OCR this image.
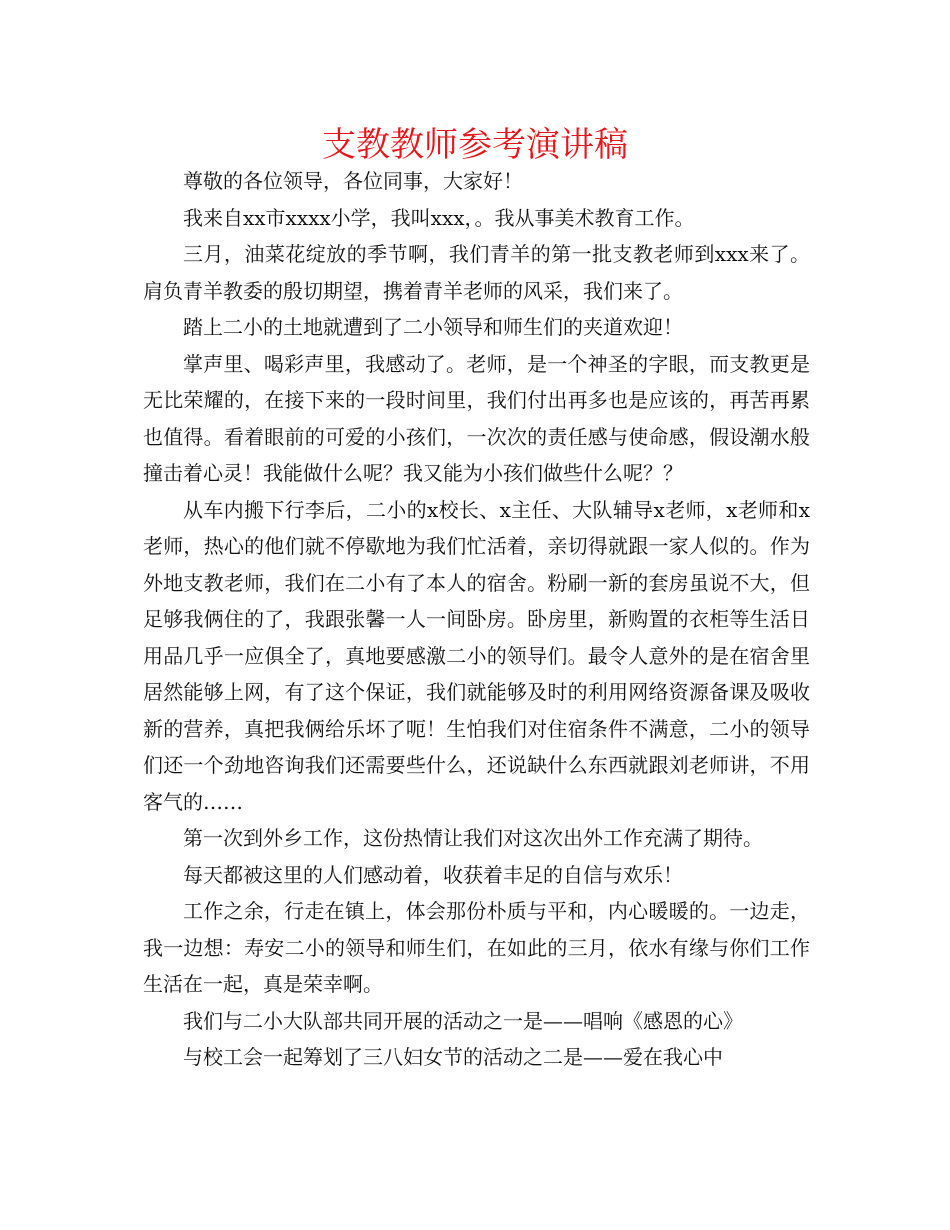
支教教师参考演讲稿

尊敬的各位领导，各位同事，大家好！

我来自xx市xxxx小学，我叫xxx，。我从事美术教育工作。

三月，油菜花绽放的季节啊，我们青羊的第一批支教老师到xxx来了。肩负青羊教委的殷切期望，携着青羊老师的风采，我们来了。

踏上二小的土地就遭到了二小领导和师生们的夹道欢迎！

掌声里、喝彩声里，我感动了。老师，是一个神圣的字眼，而支教更是无比荣耀的，在接下来的一段时间里，我们付出再多也是应该的，再苦再累也值得。看着眼前的可爱的小孩们，一次次的责任感与使命感，假设潮水般撞击着心灵！我能做什么呢？我又能为小孩们做些什么呢？？

从车内搬下行李后，二小的x校长、x主任、大队辅导x老师，x老师和x老师，热心的他们就不停歇地为我们忙活着，亲切得就跟一家人似的。作为外地支教老师，我们在二小有了本人的宿舍。粉刷一新的套房虽说不大，但足够我俩住的了，我跟张馨一人一间卧房。卧房里，新购置的衣柜等生活日用品几乎一应俱全了，真地要感激二小的领导们。最令人意外的是在宿舍里居然能够上网，有了这个保证，我们就能够及时的利用网络资源备课及吸收新的营养，真把我俩给乐坏了呃！生怕我们对住宿条件不满意，二小的领导们还一个劲地咨询我们还需要些什么，还说缺什么东西就跟刘老师讲，不用客气的……

第一次到外乡工作，这份热情让我们对这次出外工作充满了期待。

每天都被这里的人们感动着，收获着丰足的自信与欢乐！

工作之余，行走在镇上，体会那份朴质与平和，内心暖暖的。一边走，我一边想：寿安二小的领导和师生们，在如此的三月，依水有缘与你们工作生活在一起，真是荣幸啊。

我们与二小大队部共同开展的活动之一是——唱响《感恩的心》

与校工会一起筹划了三八妇女节的活动之二是——爱在我心中
